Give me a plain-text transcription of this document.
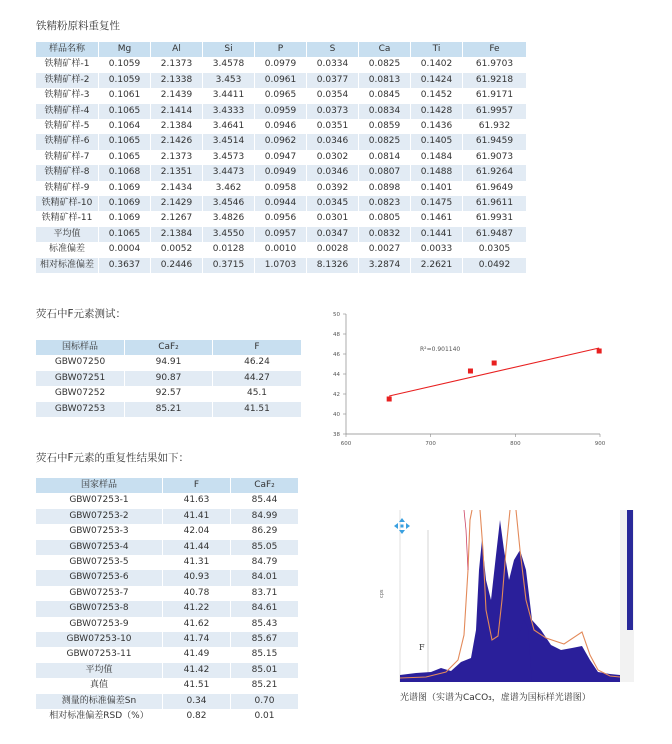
铁精粉原料重复性
样品名称	Mg	Al	Si	P	S	Ca	Ti	Fe
铁精矿样-1	0.1059	2.1373	3.4578	0.0979	0.0334	0.0825	0.1402	61.9703
铁精矿样-2	0.1059	2.1338	3.453	0.0961	0.0377	0.0813	0.1424	61.9218
铁精矿样-3	0.1061	2.1439	3.4411	0.0965	0.0354	0.0845	0.1452	61.9171
铁精矿样-4	0.1065	2.1414	3.4333	0.0959	0.0373	0.0834	0.1428	61.9957
铁精矿样-5	0.1064	2.1384	3.4641	0.0946	0.0351	0.0859	0.1436	61.932
铁精矿样-6	0.1065	2.1426	3.4514	0.0962	0.0346	0.0825	0.1405	61.9459
铁精矿样-7	0.1065	2.1373	3.4573	0.0947	0.0302	0.0814	0.1484	61.9073
铁精矿样-8	0.1068	2.1351	3.4473	0.0949	0.0346	0.0807	0.1488	61.9264
铁精矿样-9	0.1069	2.1434	3.462	0.0958	0.0392	0.0898	0.1401	61.9649
铁精矿样-10	0.1069	2.1429	3.4546	0.0944	0.0345	0.0823	0.1475	61.9611
铁精矿样-11	0.1069	2.1267	3.4826	0.0956	0.0301	0.0805	0.1461	61.9931
平均值	0.1065	2.1384	3.4550	0.0957	0.0347	0.0832	0.1441	61.9487
标准偏差	0.0004	0.0052	0.0128	0.0010	0.0028	0.0027	0.0033	0.0305
相对标准偏差	0.3637	0.2446	0.3715	1.0703	8.1326	3.2874	2.2621	0.0492
荧石中F元素测试：
国标样品	CaF₂	F
GBW07250	94.91	46.24
GBW07251	90.87	44.27
GBW07252	92.57	45.1
GBW07253	85.21	41.51
荧石中F元素的重复性结果如下：
国家样品	F	CaF₂
GBW07253-1	41.63	85.44
GBW07253-2	41.41	84.99
GBW07253-3	42.04	86.29
GBW07253-4	41.44	85.05
GBW07253-5	41.31	84.79
GBW07253-6	40.93	84.01
GBW07253-7	40.78	83.71
GBW07253-8	41.22	84.61
GBW07253-9	41.62	85.43
GBW07253-10	41.74	85.67
GBW07253-11	41.49	85.15
平均值	41.42	85.01
真值	41.51	85.21
测量的标准偏差Sn	0.34	0.70
相对标准偏差RSD（%）	0.82	0.01
38
40
42
44
46
48
50
600	700	800	900
R²=0.901140
cps
F
光谱图（实谱为CaCO₃，虚谱为国标样光谱图）
